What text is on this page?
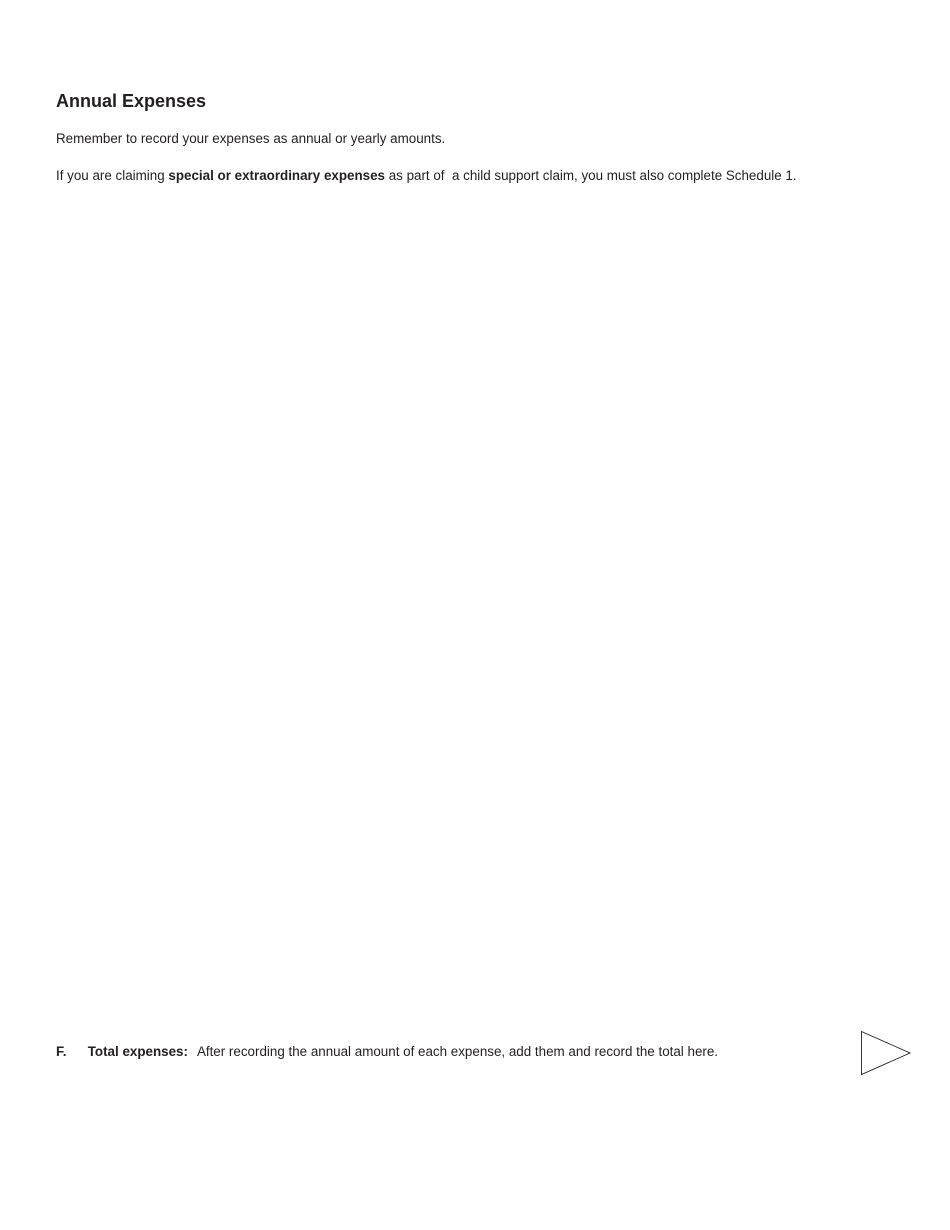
Annual Expenses

Remember to record your expenses as annual or yearly amounts.

If you are claiming special or extraordinary expenses as part of  a child support claim, you must also complete Schedule 1.

F. Total expenses: After recording the annual amount of each expense, add them and record the total here.
